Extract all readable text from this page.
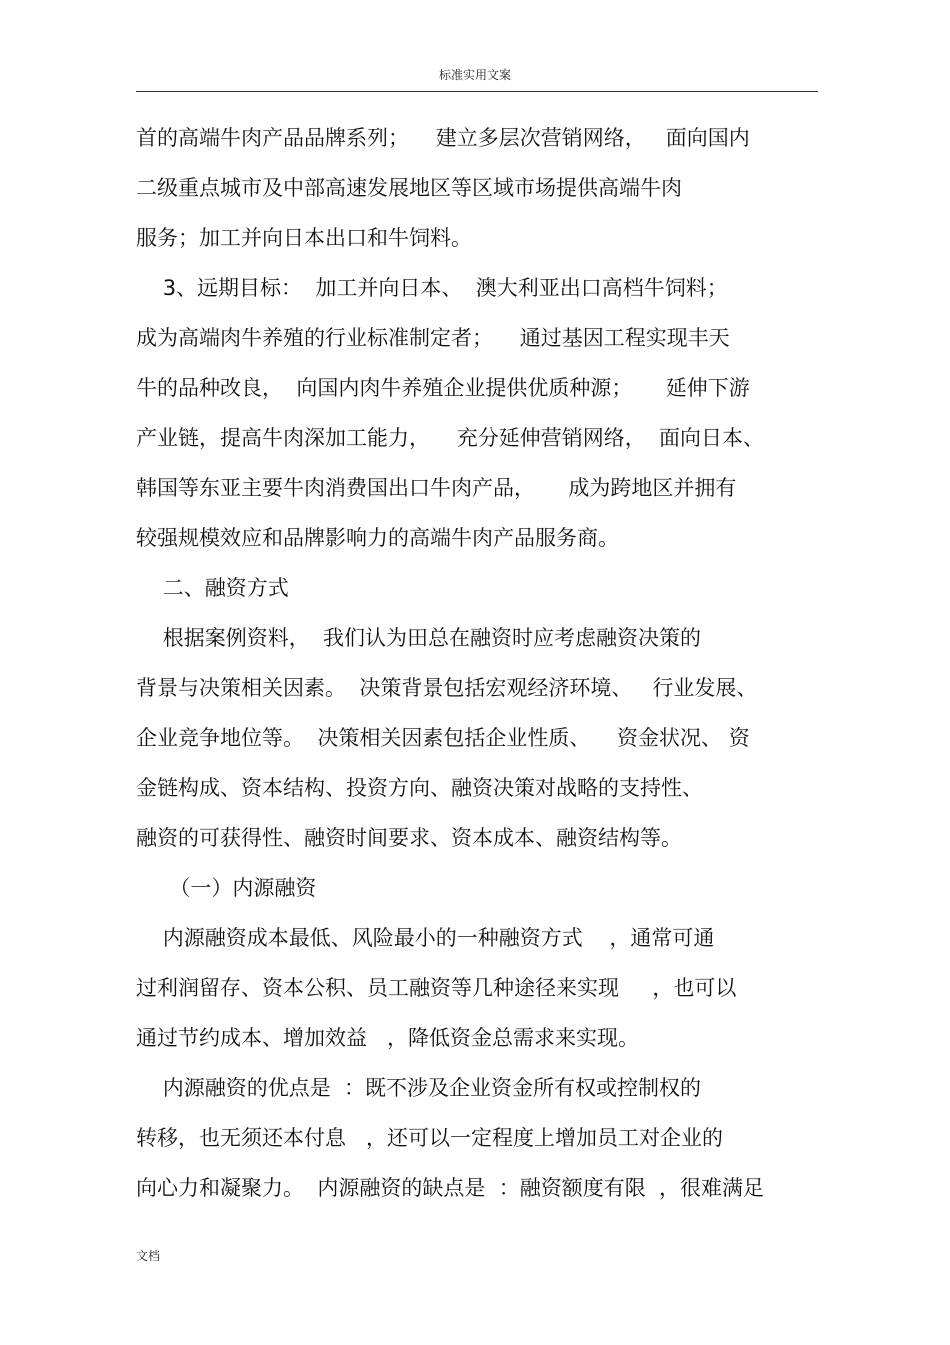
标准实用文案
首的高端牛肉产品品牌系列；    建立多层次营销网络，   面向国内
二级重点城市及中部高速发展地区等区域市场提供高端牛肉
服务；加工并向日本出口和牛饲料。
3、远期目标：  加工并向日本、  澳大利亚出口高档牛饲料；
成为高端肉牛养殖的行业标准制定者；    通过基因工程实现丰天
牛的品种改良，  向国内肉牛养殖企业提供优质种源；     延伸下游
产业链，提高牛肉深加工能力，    充分延伸营销网络，  面向日本、
韩国等东亚主要牛肉消费国出口牛肉产品，     成为跨地区并拥有
较强规模效应和品牌影响力的高端牛肉产品服务商。
二、融资方式
根据案例资料，  我们认为田总在融资时应考虑融资决策的
背景与决策相关因素。  决策背景包括宏观经济环境、   行业发展、
企业竞争地位等。  决策相关因素包括企业性质、    资金状况、 资
金链构成、资本结构、投资方向、融资决策对战略的支持性、
融资的可获得性、融资时间要求、资本成本、融资结构等。
（一）内源融资
内源融资成本最低、风险最小的一种融资方式    ，通常可通
过利润留存、资本公积、员工融资等几种途径来实现     ，也可以
通过节约成本、增加效益   ，降低资金总需求来实现。
内源融资的优点是  ：既不涉及企业资金所有权或控制权的
转移，也无须还本付息   ，还可以一定程度上增加员工对企业的
向心力和凝聚力。  内源融资的缺点是  ：融资额度有限  ，很难满足
文档
